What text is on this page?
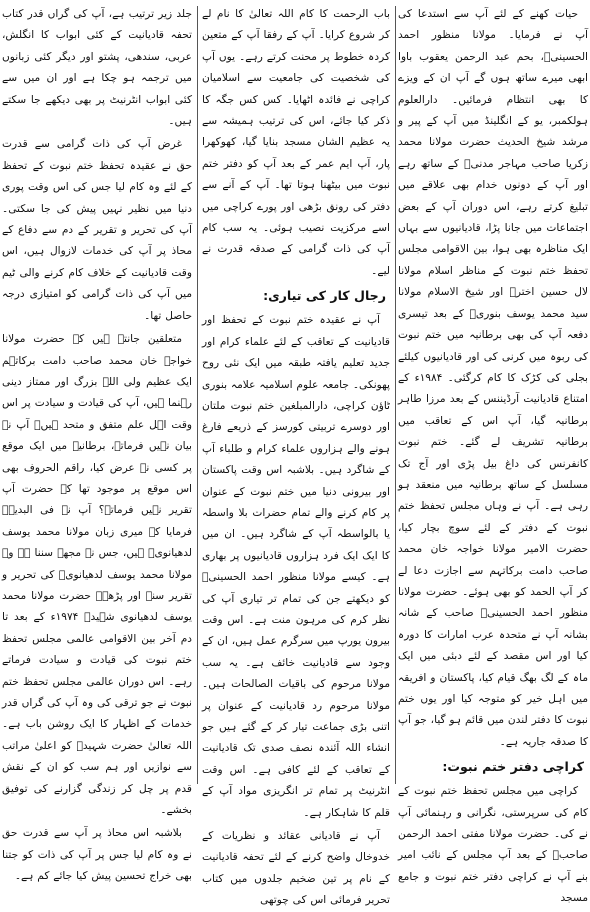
حیات کھنے کے لئے آپ سے استدعا کی آپ نے فرمایا۔ مولانا منظور احمد الحسینیؒ، بحم عبد الرحمن یعقوب باوا ابھی میرے ساتھ ہوں گے آپ ان کے ویزے کا بھی انتظام فرمائیں۔ دارالعلوم ہولکمبر، یو کے انگلینڈ میں آپ کے پیر و مرشد شیخ الحدیث حضرت مولانا محمد زکریا صاحب مہاجر مدنیؒ کے ساتھ رہے اور آپ کے دونوں خدام بھی علاقے میں تبلیغ کرتے رہے، اس دوران آپ کے بعض اجتماعات میں جانا پڑا، قادیانیوں سے بہاں ایک مناظرہ بھی ہوا، بین الاقوامی مجلس تحفظ ختم نبوت کے مناظر اسلام مولانا لال حسین اخترؒ اور شیخ الاسلام مولانا سید محمد یوسف بنوریؒ کے بعد تیسری دفعہ آپ کی بھی برطانیہ میں ختم نبوت کی ربوہ میں کرنی کی اور قادیانیوں کیلئے بجلی کی کڑک کا کام کرگئی۔ ۱۹۸۴ء کے امتناع قادیانیت آرڈیننس کے بعد مرزا طاہر برطانیہ گیا، آپ اس کے تعاقب میں برطانیہ تشریف لے گئے۔ ختم نبوت کانفرنس کی داغ بیل پڑی اور آج تک مسلسل کے ساتھ برطانیہ میں منعقد ہو رہی ہے۔ آپ نے وہاں مجلس تحفظ ختم نبوت کے دفتر کے لئے سوچ بچار کیا، حضرت الامیر مولانا خواجہ خان محمد صاحب دامت برکاتہم سے اجازت دعا لے کر آپ الحمد کو بھی ہوئے۔ حضرت مولانا منظور احمد الحسینیؒ صاحب کے شانہ بشانہ آپ نے متحدہ عرب امارات کا دورہ کیا اور اس مقصد کے لئے دبئی میں ایک ماہ کے لگ بھگ قیام کیا، پاکستان و افریقہ میں اہل خیر کو متوجہ کیا اور یوں ختم نبوت کا دفتر لندن میں قائم ہو گیا، جو آپ کا صدقہ جاریہ ہے۔

کراچی دفتر ختم نبوت:

کراچی میں مجلس تحفظ ختم نبوت کے کام کی سرپرستی، نگرانی و رہنمائی آپ نے کی۔ حضرت مولانا مفتی احمد الرحمن صاحبؒ کے بعد آپ مجلس کے نائب امیر بنے آپ نے کراچی دفتر ختم نبوت و جامع مسجد

باب الرحمت کا کام اللہ تعالیٰ کا نام لے کر شروع کرایا۔ آپ کے رفقا آپ کے متعین کردہ خطوط پر محنت کرتے رہے۔ یوں آپ کی شخصیت کی جامعیت سے اسلامیان کراچی نے فائدہ اٹھایا۔ کس کس جگہ کا ذکر کیا جائے، اس کی ترتیب ہمیشہ سے یہ عظیم الشان مسجد بنایا گیا، کھوکھرا پار، آپ ایم عمر کے بعد آپ کو دفتر ختم نبوت میں بیٹھنا ہوتا تھا۔ آپ کے آنے سے دفتر کی رونق بڑھی اور پورے کراچی میں اسے مرکزیت نصیب ہوئی۔ یہ سب کام آپ کی ذات گرامی کے صدقہ قدرت نے لیے۔

رجال کار کی تیاری:

آپ نے عقیدہ ختم نبوت کے تحفظ اور قادیانیت کے تعاقب کے لئے علماء کرام اور جدید تعلیم یافتہ طبقہ میں ایک نئی روح پھونکی۔ جامعہ علوم اسلامیہ علامہ بنوری ٹاؤن کراچی، دارالمبلغین ختم نبوت ملتان اور دوسرے تربیتی کورسز کے ذریعے فارغ ہونے والے ہزاروں علماء کرام و طلباء آپ کے شاگرد ہیں۔ بلاشبہ اس وقت پاکستان اور بیرونی دنیا میں ختم نبوت کے عنوان پر کام کرنے والے تمام حضرات بلا واسطہ یا بالواسطہ آپ کے شاگرد ہیں۔ ان میں کا ایک ایک فرد ہزاروں قادیانیوں پر بھاری ہے۔ کیسے مولانا منظور احمد الحسینیؒ کو دیکھتے جن کی تمام تر تیاری آپ کی نظر کرم کی مرہون منت ہے۔ اس وقت بیرون یورپ میں سرگرم عمل ہیں، ان کے وجود سے قادیانیت خائف ہے۔ یہ سب مولانا مرحوم کی باقیات الصالحات ہیں۔ مولانا مرحوم رد قادیانیت کے عنوان پر اتنی بڑی جماعت تیار کر کے گئے ہیں جو انشاء اللہ آئندہ نصف صدی تک قادیانیت کے تعاقب کے لئے کافی ہے۔ اس وقت انٹرنیٹ پر تمام تر انگریزی مواد آپ کے قلم کا شاہکار ہے۔

آپ نے قادیانی عقائد و نظریات کے خدوخال واضح کرنے کے لئے تحفہ قادیانیت کے نام پر تین ضخیم جلدوں میں کتاب تحریر فرمائی اس کی چوتھی

جلد زیر ترتیب ہے، آپ کی گراں قدر کتاب تحفہ قادیانیت کے کئی ابواب کا انگلش، عربی، سندھی، پشتو اور دیگر کئی زبانوں میں ترجمہ ہو چکا ہے اور ان میں سے کئی ابواب انٹرنیٹ پر بھی دیکھے جا سکتے ہیں۔

غرض آپ کی ذات گرامی سے قدرت حق نے عقیدہ تحفظ ختم نبوت کے تحفظ کے لئے وہ کام لیا جس کی اس وقت پوری دنیا میں نظیر نہیں پیش کی جا سکتی۔ آپ کی تحریر و تقریر کے دم سے دفاع کے محاذ پر آپ کی خدمات لازوال ہیں، اس وقت قادیانیت کے خلاف کام کرنے والی ٹیم میں آپ کی ذات گرامی کو امتیازی درجہ حاصل تھا۔

متعلقین جانتے ہیں کہ حضرت مولانا خواجہ خان محمد صاحب دامت برکاتہم ایک عظیم ولی اللہ بزرگ اور ممتاز دینی رہنما ہیں، آپ کی قیادت و سیادت پر اس وقت اہل علم متفق و متحد ہیں۔ آپ نے بیان نہیں فرماتے، برطانیہ میں ایک موقع پر کسی نے عرض کیا، راقم الحروف بھی اس موقع پر موجود تھا کہ حضرت آپ تقریر نہیں فرماتے؟ آپ نے فی البدیہہ فرمایا کہ میری زبان مولانا محمد یوسف لدھیانویؒ ہیں، جس نے مجھے سننا ہے وہ مولانا محمد یوسف لدھیانویؒ کی تحریر و تقریر سنے اور پڑھے۔ حضرت مولانا محمد یوسف لدھیانوی شہیدؒ ۱۹۷۴ء کے بعد تا دم آخر بین الاقوامی عالمی مجلس تحفظ ختم نبوت کی قیادت و سیادت فرماتے رہے۔ اس دوران عالمی مجلس تحفظ ختم نبوت نے جو ترقی کی وہ آپ کی گراں قدر خدمات کے اظہار کا ایک روشن باب ہے۔ اللہ تعالیٰ حضرت شہیدؒ کو اعلیٰ مراتب سے نوازیں اور ہم سب کو ان کے نقش قدم پر چل کر زندگی گزارنے کی توفیق بخشے۔

بلاشبہ اس محاذ پر آپ سے قدرت حق نے وہ کام لیا جس پر آپ کی ذات کو جتنا بھی خراج تحسین پیش کیا جائے کم ہے۔
